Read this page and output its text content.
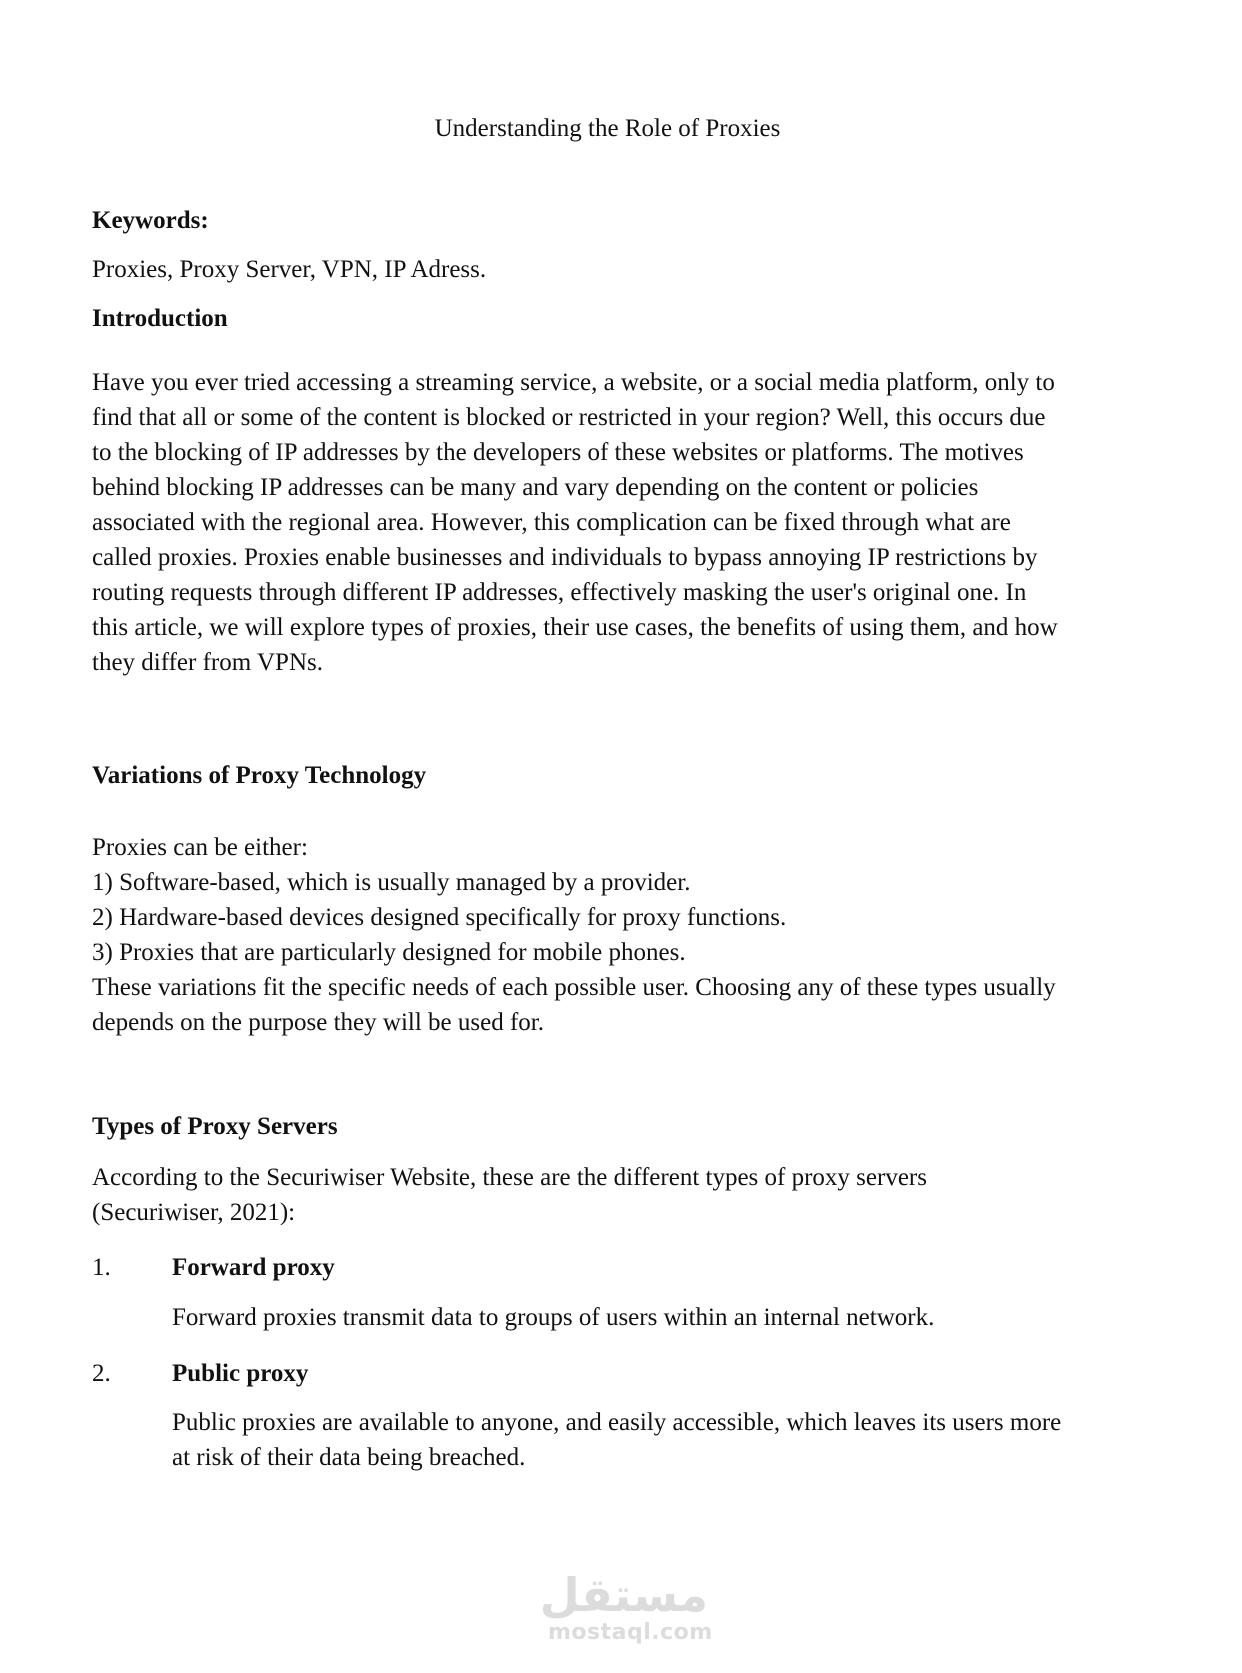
Understanding the Role of Proxies
Keywords:
Proxies, Proxy Server, VPN, IP Adress.
Introduction
Have you ever tried accessing a streaming service, a website, or a social media platform, only to
find that all or some of the content is blocked or restricted in your region? Well, this occurs due
to the blocking of IP addresses by the developers of these websites or platforms. The motives
behind blocking IP addresses can be many and vary depending on the content or policies
associated with the regional area. However, this complication can be fixed through what are
called proxies. Proxies enable businesses and individuals to bypass annoying IP restrictions by
routing requests through different IP addresses, effectively masking the user's original one. In
this article, we will explore types of proxies, their use cases, the benefits of using them, and how
they differ from VPNs.
Variations of Proxy Technology
Proxies can be either:
1) Software-based, which is usually managed by a provider.
2) Hardware-based devices designed specifically for proxy functions.
3) Proxies that are particularly designed for mobile phones.
These variations fit the specific needs of each possible user. Choosing any of these types usually
depends on the purpose they will be used for.
Types of Proxy Servers
According to the Securiwiser Website, these are the different types of proxy servers
(Securiwiser, 2021):
1. Forward proxy
Forward proxies transmit data to groups of users within an internal network.
2. Public proxy
Public proxies are available to anyone, and easily accessible, which leaves its users more
at risk of their data being breached.
مستقل
mostaql.com
